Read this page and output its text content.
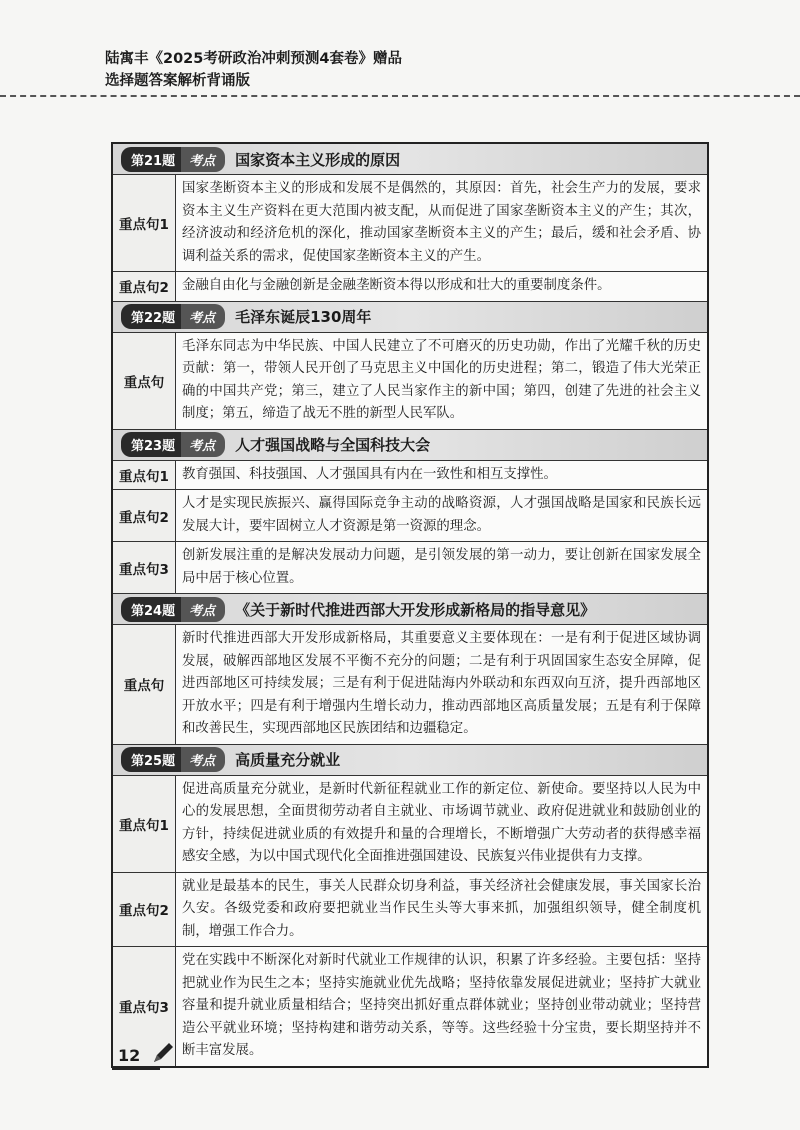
陆寓丰《2025考研政治冲刺预测4套卷》赠品
选择题答案解析背诵版
第21题 考点 国家资本主义形成的原因	
重点句1	国家垄断资本主义的形成和发展不是偶然的，其原因：首先，社会生产力的发展，要求资本主义生产资料在更大范围内被支配，从而促进了国家垄断资本主义的产生；其次，经济波动和经济危机的深化，推动国家垄断资本主义的产生；最后，缓和社会矛盾、协调利益关系的需求，促使国家垄断资本主义的产生。
重点句2	金融自由化与金融创新是金融垄断资本得以形成和壮大的重要制度条件。
第22题 考点 毛泽东诞辰130周年	
重点句	毛泽东同志为中华民族、中国人民建立了不可磨灭的历史功勋，作出了光耀千秋的历史贡献：第一，带领人民开创了马克思主义中国化的历史进程；第二，锻造了伟大光荣正确的中国共产党；第三，建立了人民当家作主的新中国；第四，创建了先进的社会主义制度；第五，缔造了战无不胜的新型人民军队。
第23题 考点 人才强国战略与全国科技大会	
重点句1	教育强国、科技强国、人才强国具有内在一致性和相互支撑性。
重点句2	人才是实现民族振兴、赢得国际竞争主动的战略资源，人才强国战略是国家和民族长远发展大计，要牢固树立人才资源是第一资源的理念。
重点句3	创新发展注重的是解决发展动力问题，是引领发展的第一动力，要让创新在国家发展全局中居于核心位置。
第24题 考点 《关于新时代推进西部大开发形成新格局的指导意见》	
重点句	新时代推进西部大开发形成新格局，其重要意义主要体现在：一是有利于促进区域协调发展，破解西部地区发展不平衡不充分的问题；二是有利于巩固国家生态安全屏障，促进西部地区可持续发展；三是有利于促进陆海内外联动和东西双向互济，提升西部地区开放水平；四是有利于增强内生增长动力，推动西部地区高质量发展；五是有利于保障和改善民生，实现西部地区民族团结和边疆稳定。
第25题 考点 高质量充分就业	
重点句1	促进高质量充分就业，是新时代新征程就业工作的新定位、新使命。要坚持以人民为中心的发展思想，全面贯彻劳动者自主就业、市场调节就业、政府促进就业和鼓励创业的方针，持续促进就业质的有效提升和量的合理增长，不断增强广大劳动者的获得感幸福感安全感，为以中国式现代化全面推进强国建设、民族复兴伟业提供有力支撑。
重点句2	就业是最基本的民生，事关人民群众切身利益，事关经济社会健康发展，事关国家长治久安。各级党委和政府要把就业当作民生头等大事来抓，加强组织领导，健全制度机制，增强工作合力。
重点句3	党在实践中不断深化对新时代就业工作规律的认识，积累了许多经验。主要包括：坚持把就业作为民生之本；坚持实施就业优先战略；坚持依靠发展促进就业；坚持扩大就业容量和提升就业质量相结合；坚持突出抓好重点群体就业；坚持创业带动就业；坚持营造公平就业环境；坚持构建和谐劳动关系，等等。这些经验十分宝贵，要长期坚持并不断丰富发展。
12
